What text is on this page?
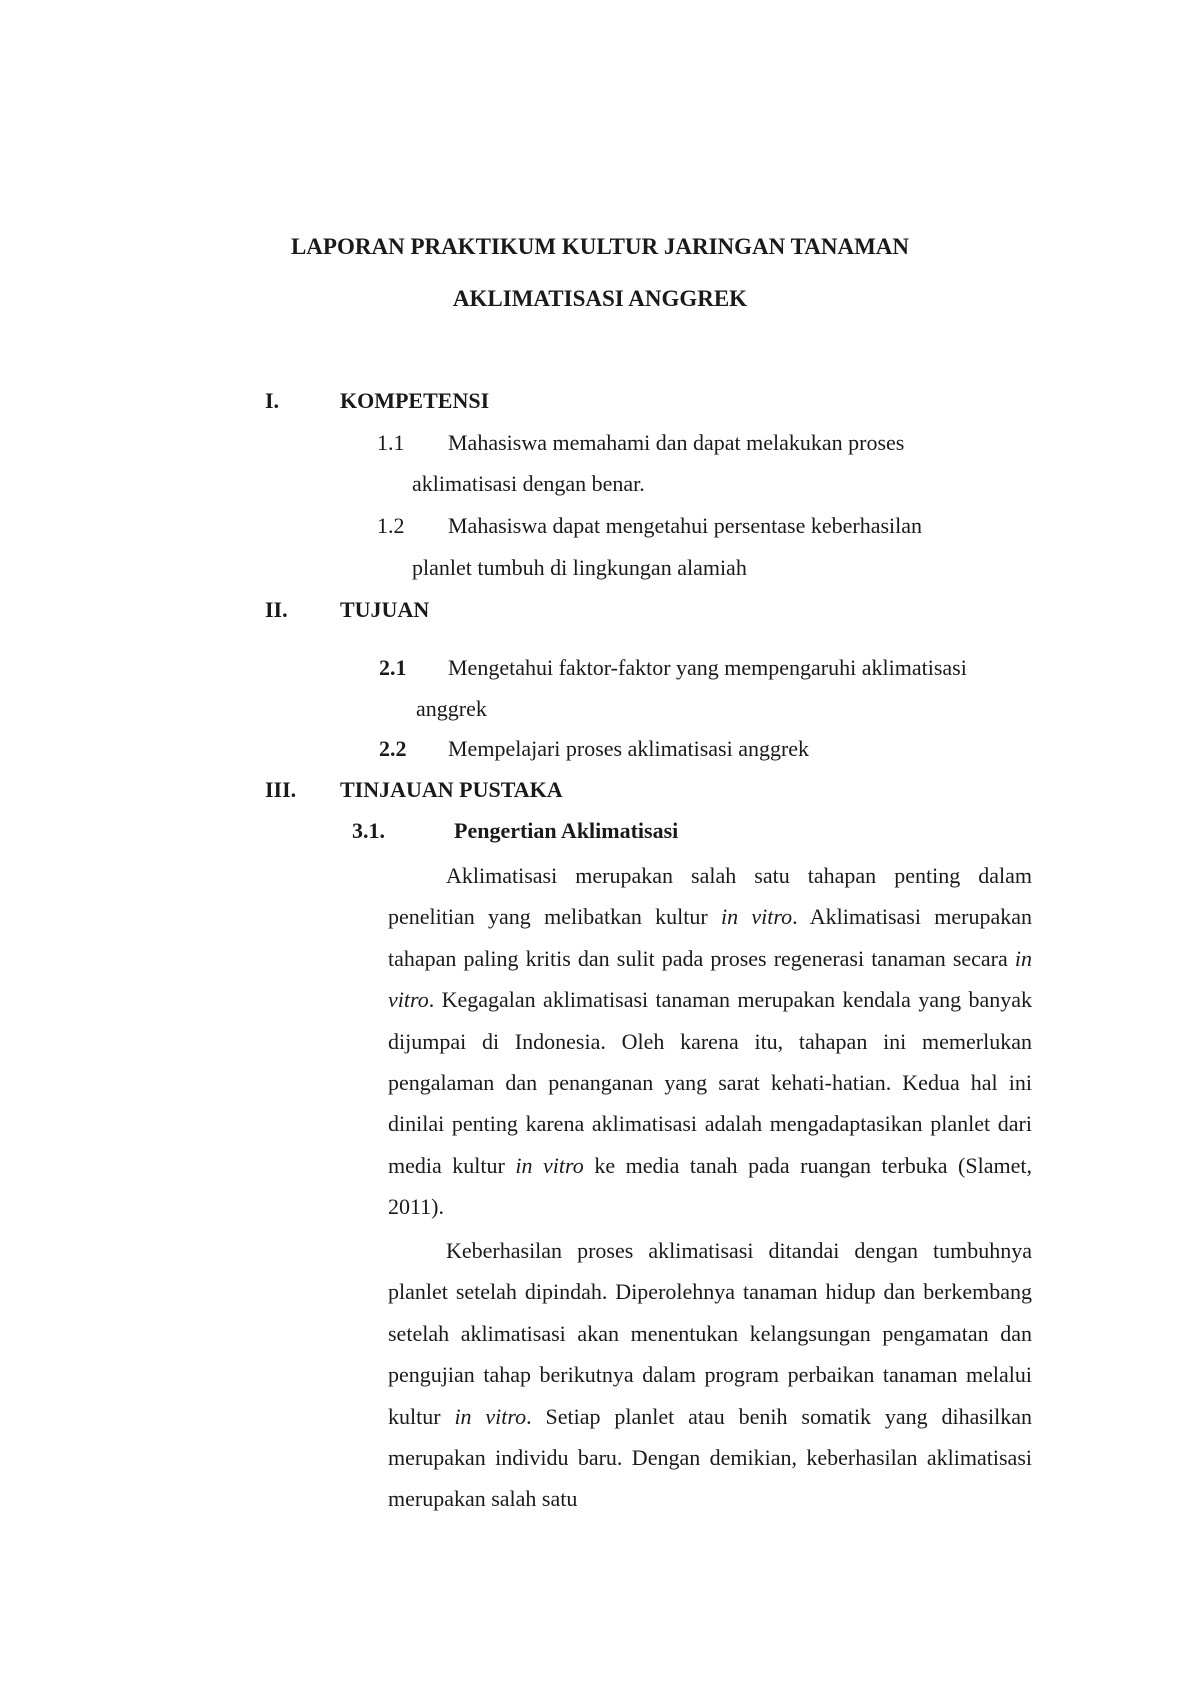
LAPORAN PRAKTIKUM KULTUR JARINGAN TANAMAN
AKLIMATISASI ANGGREK
I.	KOMPETENSI
1.1 Mahasiswa memahami dan dapat melakukan proses
aklimatisasi dengan benar.
1.2 Mahasiswa dapat mengetahui persentase keberhasilan
planlet tumbuh di lingkungan alamiah
II. TUJUAN
2.1 Mengetahui faktor-faktor yang mempengaruhi aklimatisasi
anggrek
2.2 Mempelajari proses aklimatisasi anggrek
III. TINJAUAN PUSTAKA
3.1.	Pengertian Aklimatisasi

Aklimatisasi merupakan salah satu tahapan penting dalam penelitian yang melibatkan kultur in vitro. Aklimatisasi merupakan tahapan paling kritis dan sulit pada proses regenerasi tanaman secara in vitro. Kegagalan aklimatisasi tanaman merupakan kendala yang banyak dijumpai di Indonesia. Oleh karena itu, tahapan ini memerlukan pengalaman dan penanganan yang sarat kehati-hatian. Kedua hal ini dinilai penting karena aklimatisasi adalah mengadaptasikan planlet dari media kultur in vitro ke media tanah pada ruangan terbuka (Slamet, 2011).

Keberhasilan proses aklimatisasi ditandai dengan tumbuhnya planlet setelah dipindah. Diperolehnya tanaman hidup dan berkembang setelah aklimatisasi akan menentukan kelangsungan pengamatan dan pengujian tahap berikutnya dalam program perbaikan tanaman melalui kultur in vitro. Setiap planlet atau benih somatik yang dihasilkan merupakan individu baru. Dengan demikian, keberhasilan aklimatisasi merupakan salah satu
